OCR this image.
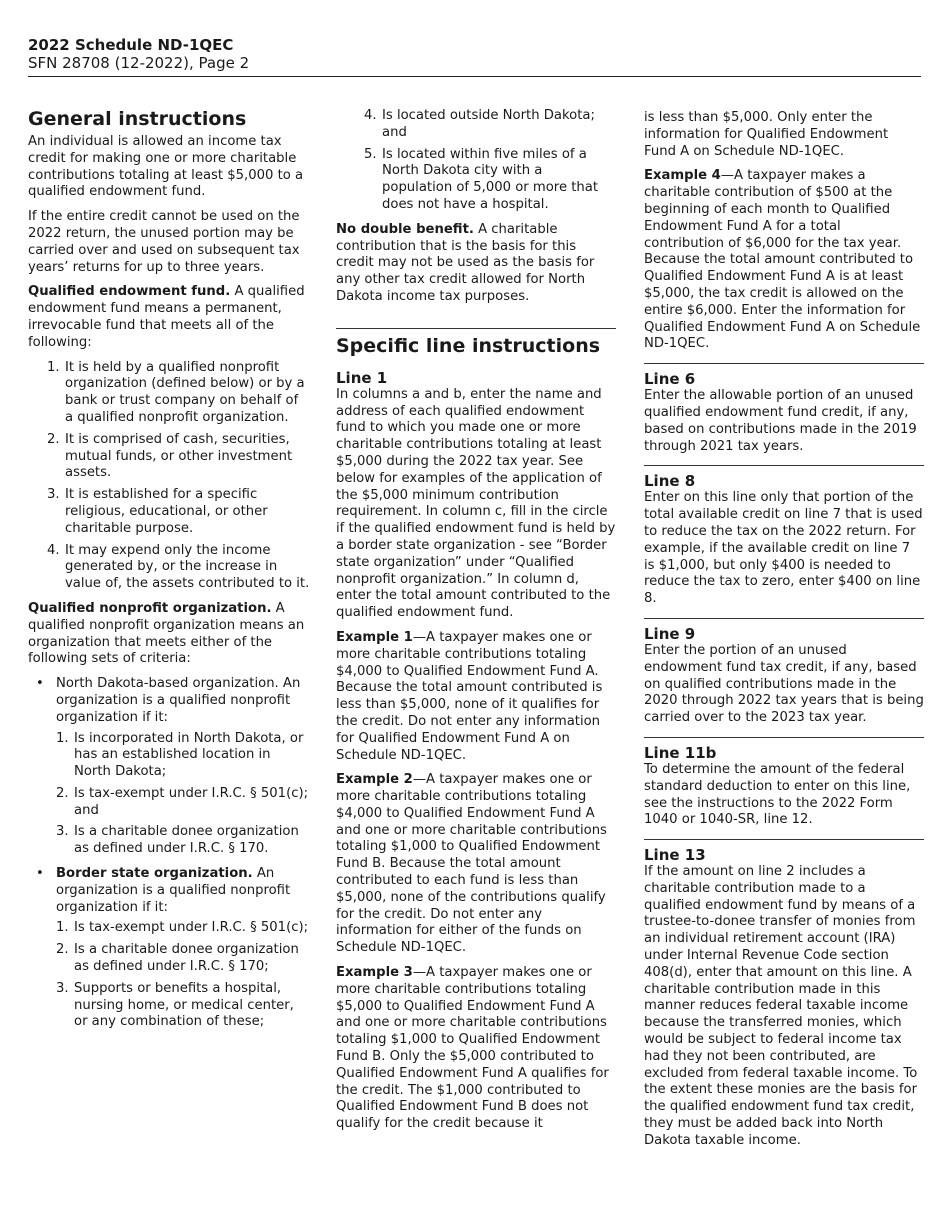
2022 Schedule ND-1QEC
SFN 28708 (12-2022), Page 2
General instructions

An individual is allowed an income tax credit for making one or more charitable contributions totaling at least $5,000 to a qualified endowment fund.

If the entire credit cannot be used on the 2022 return, the unused portion may be carried over and used on subsequent tax years’ returns for up to three years.

Qualified endowment fund. A qualified endowment fund means a permanent, irrevocable fund that meets all of the following:

1. It is held by a qualified nonprofit organization (defined below) or by a bank or trust company on behalf of a qualified nonprofit organization.
2. It is comprised of cash, securities, mutual funds, or other investment assets.
3. It is established for a specific religious, educational, or other charitable purpose.
4. It may expend only the income generated by, or the increase in value of, the assets contributed to it.

Qualified nonprofit organization. A qualified nonprofit organization means an organization that meets either of the following sets of criteria:

• North Dakota-based organization. An organization is a qualified nonprofit organization if it:
1. Is incorporated in North Dakota, or has an established location in North Dakota;
2. Is tax-exempt under I.R.C. § 501(c); and
3. Is a charitable donee organization as defined under I.R.C. § 170.
• Border state organization. An organization is a qualified nonprofit organization if it:
1. Is tax-exempt under I.R.C. § 501(c);
2. Is a charitable donee organization as defined under I.R.C. § 170;
3. Supports or benefits a hospital, nursing home, or medical center, or any combination of these;
4. Is located outside North Dakota; and
5. Is located within five miles of a North Dakota city with a population of 5,000 or more that does not have a hospital.

No double benefit. A charitable contribution that is the basis for this credit may not be used as the basis for any other tax credit allowed for North Dakota income tax purposes.

Specific line instructions
Line 1

In columns a and b, enter the name and address of each qualified endowment fund to which you made one or more charitable contributions totaling at least $5,000 during the 2022 tax year. See below for examples of the application of the $5,000 minimum contribution requirement. In column c, fill in the circle if the qualified endowment fund is held by a border state organization - see “Border state organization” under “Qualified nonprofit organization.” In column d, enter the total amount contributed to the qualified endowment fund.

Example 1—A taxpayer makes one or more charitable contributions totaling $4,000 to Qualified Endowment Fund A. Because the total amount contributed is less than $5,000, none of it qualifies for the credit. Do not enter any information for Qualified Endowment Fund A on Schedule ND-1QEC.

Example 2—A taxpayer makes one or more charitable contributions totaling $4,000 to Qualified Endowment Fund A and one or more charitable contributions totaling $1,000 to Qualified Endowment Fund B. Because the total amount contributed to each fund is less than $5,000, none of the contributions qualify for the credit. Do not enter any information for either of the funds on Schedule ND-1QEC.

Example 3—A taxpayer makes one or more charitable contributions totaling $5,000 to Qualified Endowment Fund A and one or more charitable contributions totaling $1,000 to Qualified Endowment Fund B. Only the $5,000 contributed to Qualified Endowment Fund A qualifies for the credit. The $1,000 contributed to Qualified Endowment Fund B does not qualify for the credit because it

is less than $5,000. Only enter the information for Qualified Endowment Fund A on Schedule ND-1QEC.

Example 4—A taxpayer makes a charitable contribution of $500 at the beginning of each month to Qualified Endowment Fund A for a total contribution of $6,000 for the tax year. Because the total amount contributed to Qualified Endowment Fund A is at least $5,000, the tax credit is allowed on the entire $6,000. Enter the information for Qualified Endowment Fund A on Schedule ND-1QEC.

Line 6

Enter the allowable portion of an unused qualified endowment fund credit, if any, based on contributions made in the 2019 through 2021 tax years.

Line 8

Enter on this line only that portion of the total available credit on line 7 that is used to reduce the tax on the 2022 return. For example, if the available credit on line 7 is $1,000, but only $400 is needed to reduce the tax to zero, enter $400 on line 8.

Line 9

Enter the portion of an unused endowment fund tax credit, if any, based on qualified contributions made in the 2020 through 2022 tax years that is being carried over to the 2023 tax year.

Line 11b

To determine the amount of the federal standard deduction to enter on this line, see the instructions to the 2022 Form 1040 or 1040-SR, line 12.

Line 13

If the amount on line 2 includes a charitable contribution made to a qualified endowment fund by means of a trustee-to-donee transfer of monies from an individual retirement account (IRA) under Internal Revenue Code section 408(d), enter that amount on this line. A charitable contribution made in this manner reduces federal taxable income because the transferred monies, which would be subject to federal income tax had they not been contributed, are excluded from federal taxable income. To the extent these monies are the basis for the qualified endowment fund tax credit, they must be added back into North Dakota taxable income.
